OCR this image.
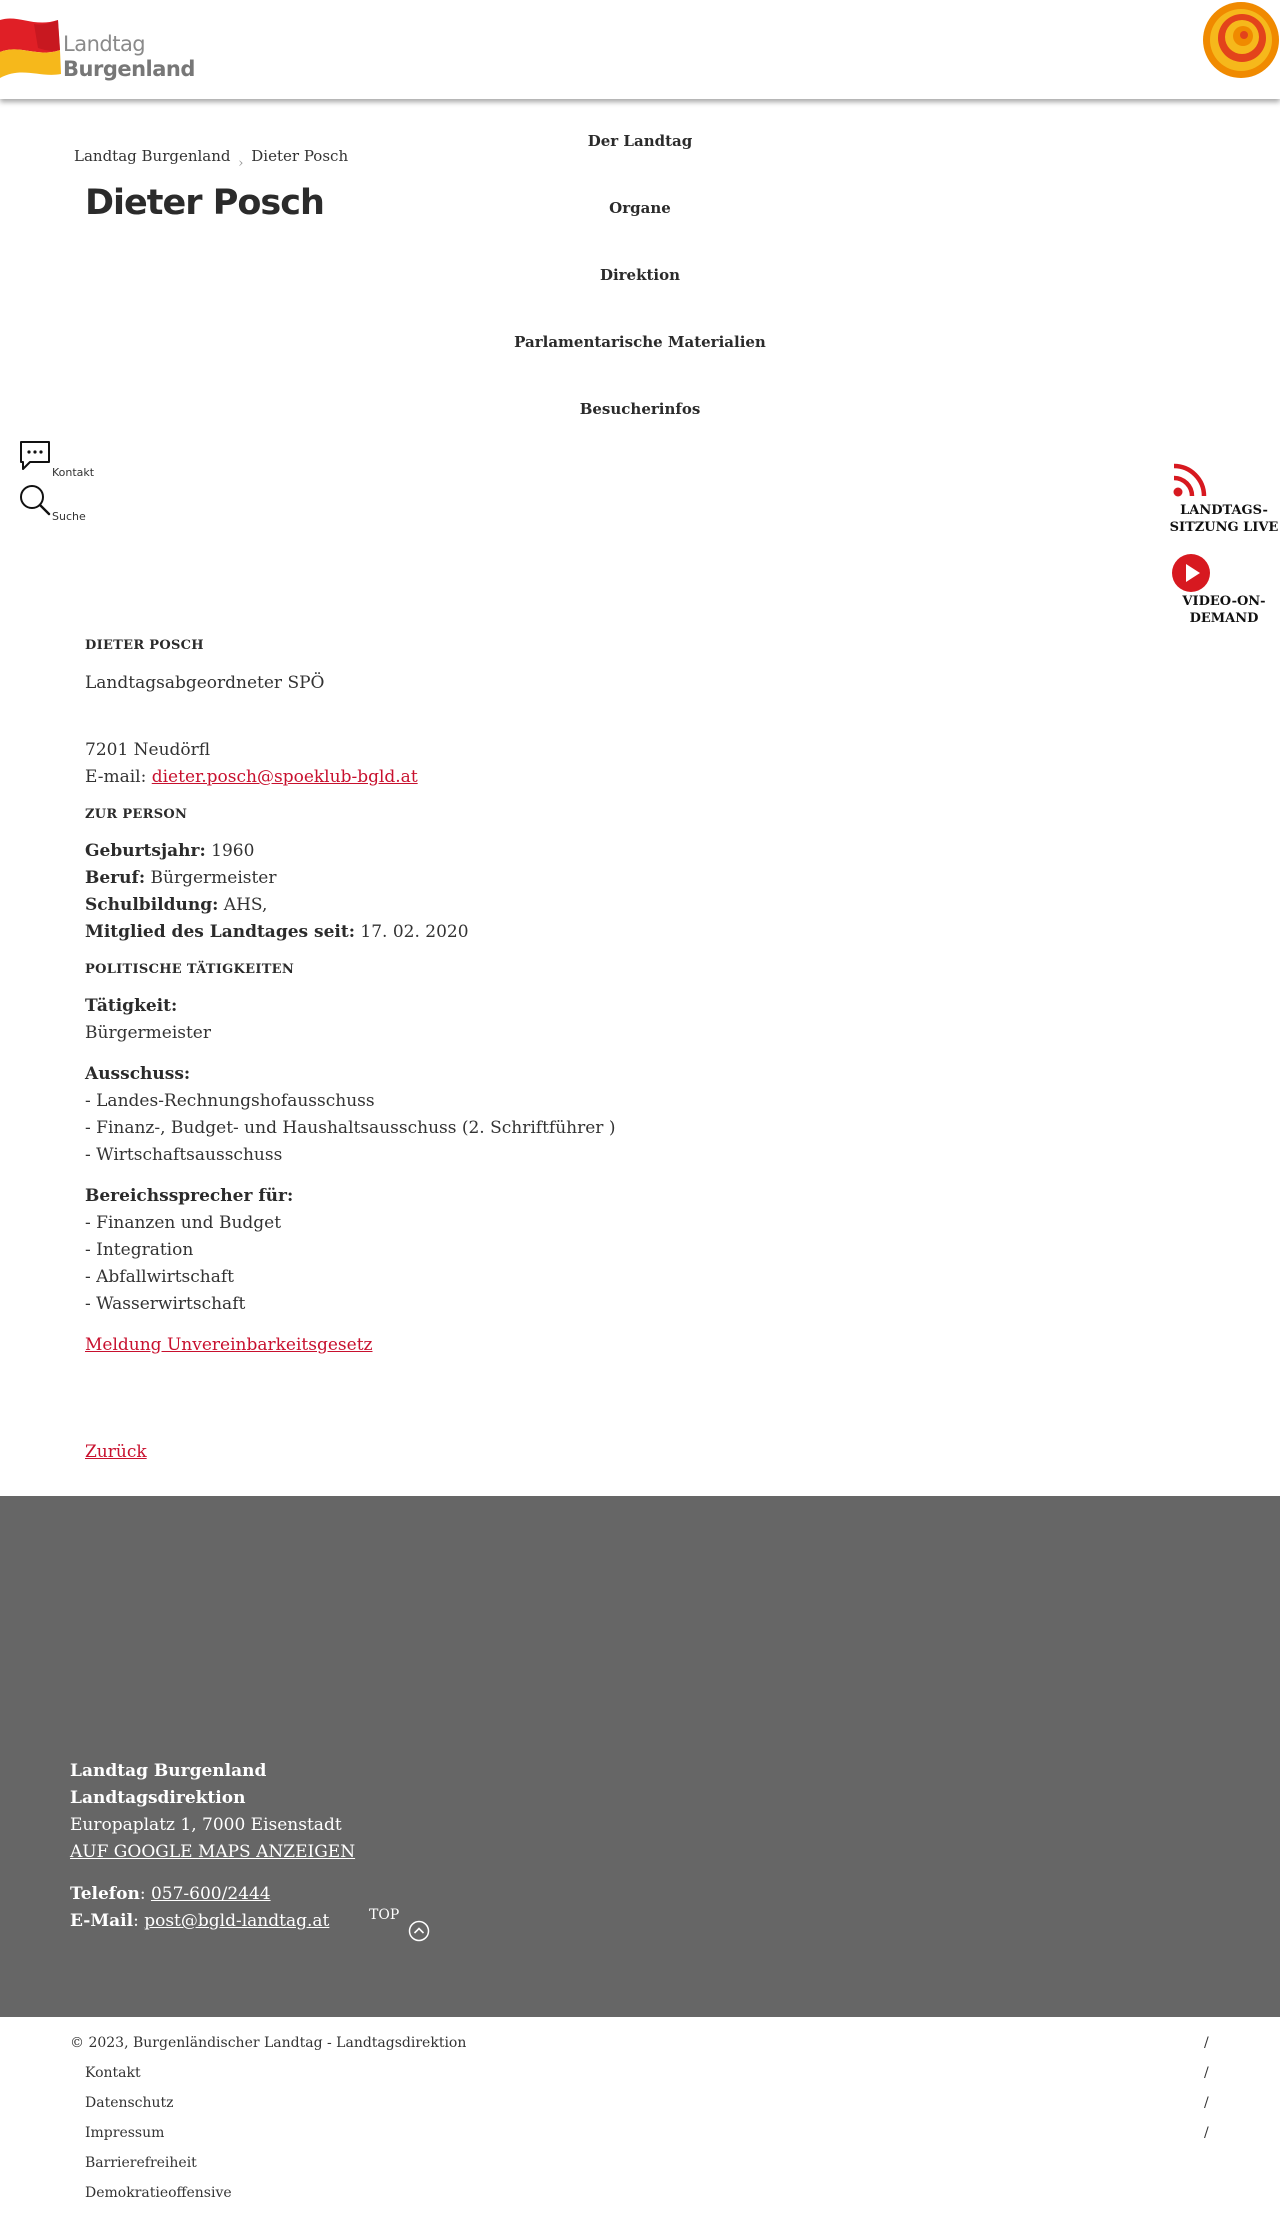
Landtag
Burgenland
Landtag Burgenland › Dieter Posch
Dieter Posch
Der Landtag
Organe
Direktion
Parlamentarische Materialien
Besucherinfos
Kontakt
Suche	LANDTAGS-
SITZUNG LIVE
VIDEO-ON-
DEMAND
DIETER POSCH

Landtagsabgeordneter SPÖ

7201 Neudörfl

E-mail: dieter.posch@spoeklub-bgld.at

ZUR PERSON

Geburtsjahr: 1960

Beruf: Bürgermeister

Schulbildung: AHS,

Mitglied des Landtages seit: 17. 02. 2020

POLITISCHE TÄTIGKEITEN

Tätigkeit:

Bürgermeister

Ausschuss:

- Landes-Rechnungshofausschuss

- Finanz-, Budget- und Haushaltsausschuss (2. Schriftführer )

- Wirtschaftsausschuss

Bereichssprecher für:

- Finanzen und Budget

- Integration

- Abfallwirtschaft

- Wasserwirtschaft

Meldung Unvereinbarkeitsgesetz

Zurück

Landtag Burgenland
Landtagsdirektion
Europaplatz 1, 7000 Eisenstadt
AUF GOOGLE MAPS ANZEIGEN
Telefon: 057-600/2444
E-Mail: post@bgld-landtag.at	TOP
© 2023, Burgenländischer Landtag - Landtagsdirektion	/
Kontakt	/
Datenschutz	/
Impressum	/
Barrierefreiheit
Demokratieoffensive
